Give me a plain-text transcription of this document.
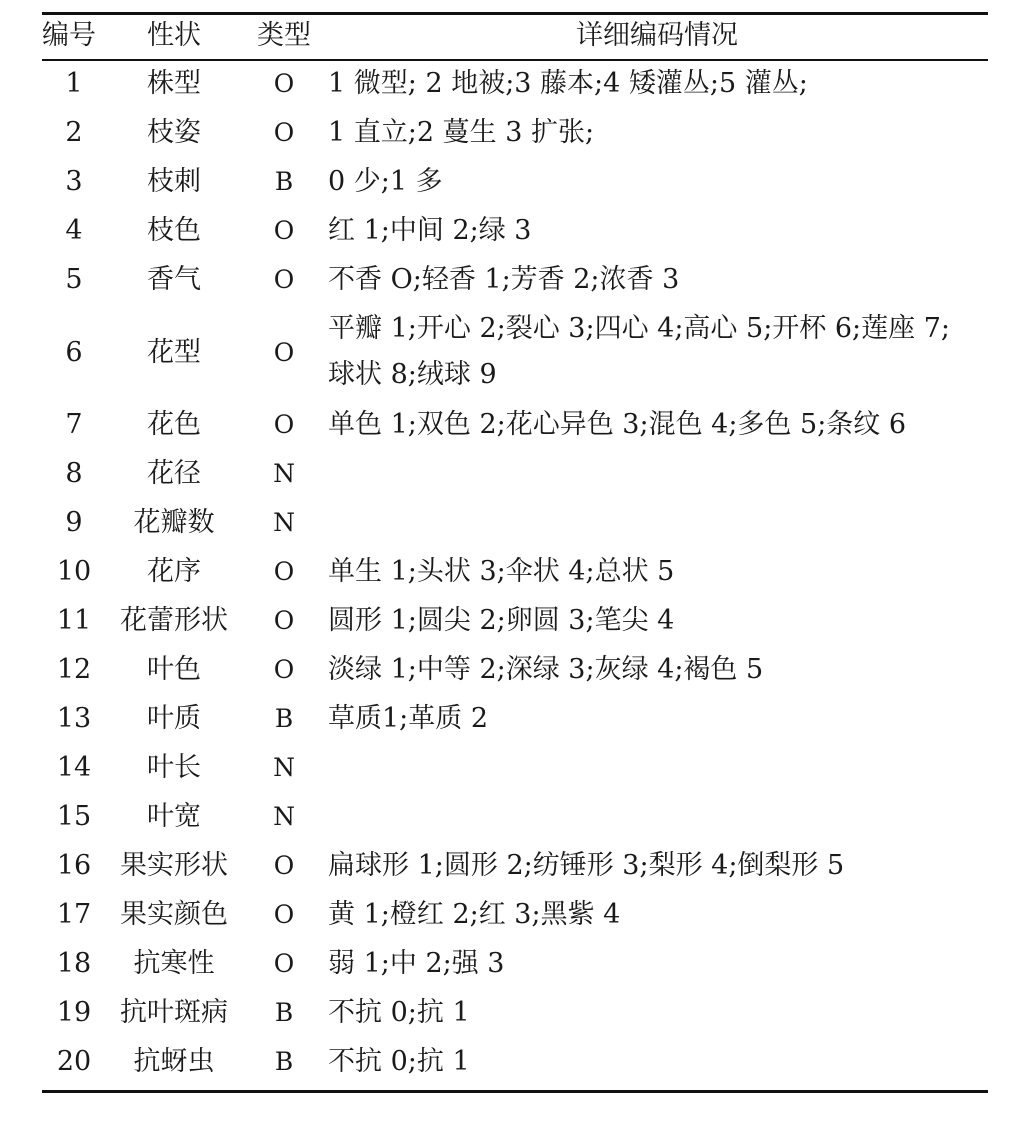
编号	性状	类型	详细编码情况
1	株型	O	1 微型; 2 地被;3 藤本;4 矮灌丛;5 灌丛;
2	枝姿	O	1 直立;2 蔓生 3 扩张;
3	枝刺	B	0 少;1 多
4	枝色	O	红 1;中间 2;绿 3
5	香气	O	不香 O;轻香 1;芳香 2;浓香 3
6	花型	O	平瓣 1;开心 2;裂心 3;四心 4;高心 5;开杯 6;莲座 7;球状 8;绒球 9
7	花色	O	单色 1;双色 2;花心异色 3;混色 4;多色 5;条纹 6
8	花径	N	
9	花瓣数	N	
10	花序	O	单生 1;头状 3;伞状 4;总状 5
11	花蕾形状	O	圆形 1;圆尖 2;卵圆 3;笔尖 4
12	叶色	O	淡绿 1;中等 2;深绿 3;灰绿 4;褐色 5
13	叶质	B	草质1;革质 2
14	叶长	N	
15	叶宽	N	
16	果实形状	O	扁球形 1;圆形 2;纺锤形 3;梨形 4;倒梨形 5
17	果实颜色	O	黄 1;橙红 2;红 3;黑紫 4
18	抗寒性	O	弱 1;中 2;强 3
19	抗叶斑病	B	不抗 0;抗 1
20	抗蚜虫	B	不抗 0;抗 1
